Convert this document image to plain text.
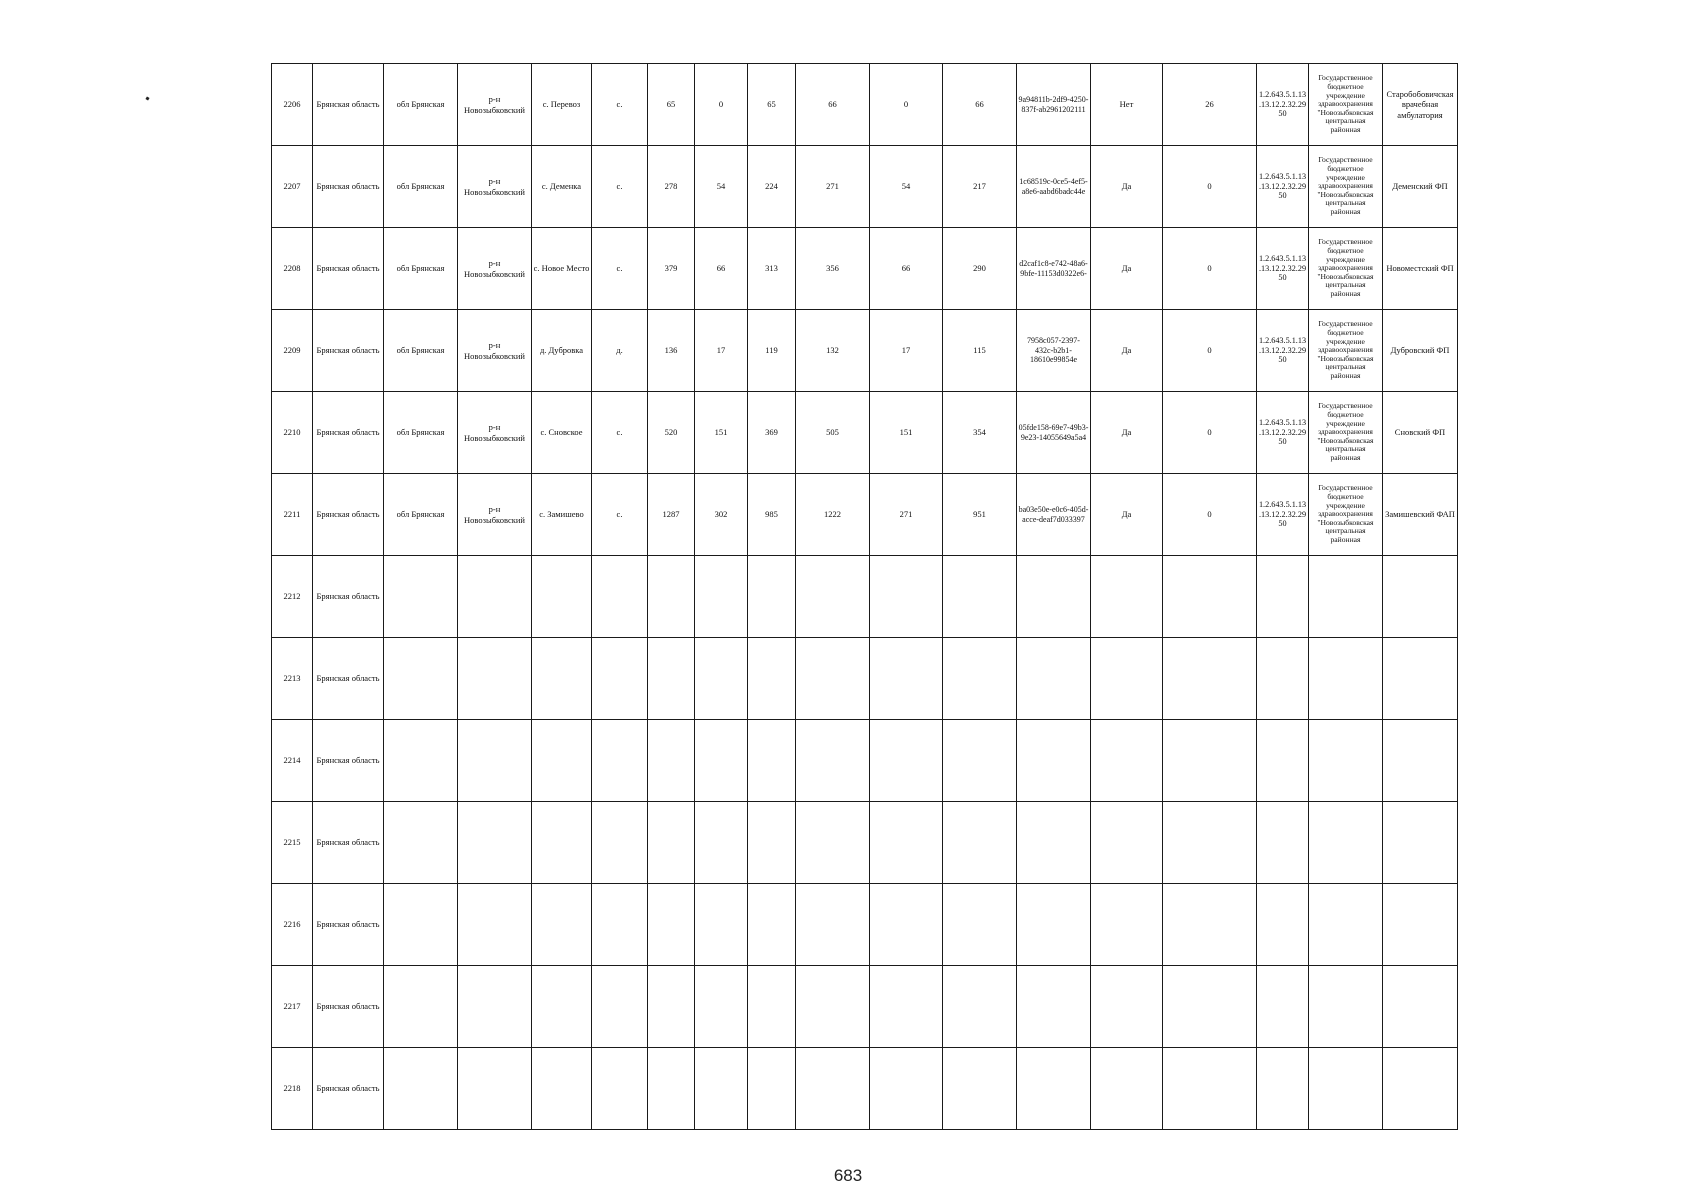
2206	Брянская область	обл Брянская	р-н Новозыбковский	с. Перевоз	с.	65	0	65	66	0	66	9a94811b-2df9-4250-837f-ab2961202111	Нет	26	1.2.643.5.1.13.13.12.2.32.2950	Государственное бюджетное учреждение здравоохранения "Новозыбковская центральная районная	Старобобовичская врачебная амбулатория
2207	Брянская область	обл Брянская	р-н Новозыбковский	с. Деменка	с.	278	54	224	271	54	217	1c68519c-0ce5-4ef5-a8e6-aabd6badc44e	Да	0	1.2.643.5.1.13.13.12.2.32.2950	Государственное бюджетное учреждение здравоохранения "Новозыбковская центральная районная	Деменский ФП
2208	Брянская область	обл Брянская	р-н Новозыбковский	с. Новое Место	с.	379	66	313	356	66	290	d2caf1c8-e742-48a6-9bfe-11153d0322e6-	Да	0	1.2.643.5.1.13.13.12.2.32.2950	Государственное бюджетное учреждение здравоохранения "Новозыбковская центральная районная	Новоместский ФП
2209	Брянская область	обл Брянская	р-н Новозыбковский	д. Дубровка	д.	136	17	119	132	17	115	7958c057-2397-432c-b2b1-18610e99854e	Да	0	1.2.643.5.1.13.13.12.2.32.2950	Государственное бюджетное учреждение здравоохранения "Новозыбковская центральная районная	Дубровский ФП
2210	Брянская область	обл Брянская	р-н Новозыбковский	с. Сновское	с.	520	151	369	505	151	354	05fde158-69e7-49b3-9e23-14055649a5a4	Да	0	1.2.643.5.1.13.13.12.2.32.2950	Государственное бюджетное учреждение здравоохранения "Новозыбковская центральная районная	Сновский ФП
2211	Брянская область	обл Брянская	р-н Новозыбковский	с. Замишево	с.	1287	302	985	1222	271	951	ba03e50e-e0c6-405d-acce-deaf7d033397	Да	0	1.2.643.5.1.13.13.12.2.32.2950	Государственное бюджетное учреждение здравоохранения "Новозыбковская центральная районная	Замишевский ФАП
2212	Брянская область																
2213	Брянская область																
2214	Брянская область																
2215	Брянская область																
2216	Брянская область																
2217	Брянская область																
2218	Брянская область																
683
